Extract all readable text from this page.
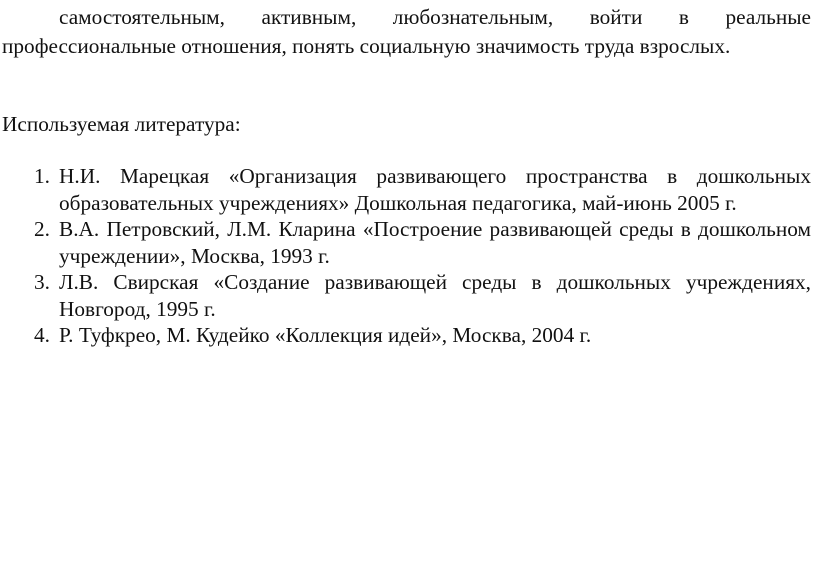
самостоятельным, активным, любознательным, войти в реальные профессиональные отношения, понять социальную значимость труда взрослых.

Используемая литература:

1. Н.И. Марецкая «Организация развивающего пространства в дошкольных образовательных учреждениях» Дошкольная педагогика, май-июнь 2005 г.
2. В.А. Петровский, Л.М. Кларина «Построение развивающей среды в дошкольном учреждении», Москва, 1993 г.
3. Л.В. Свирская «Создание развивающей среды в дошкольных учреждениях, Новгород, 1995 г.
4. Р. Туфкрео, М. Кудейко «Коллекция идей», Москва, 2004 г.
